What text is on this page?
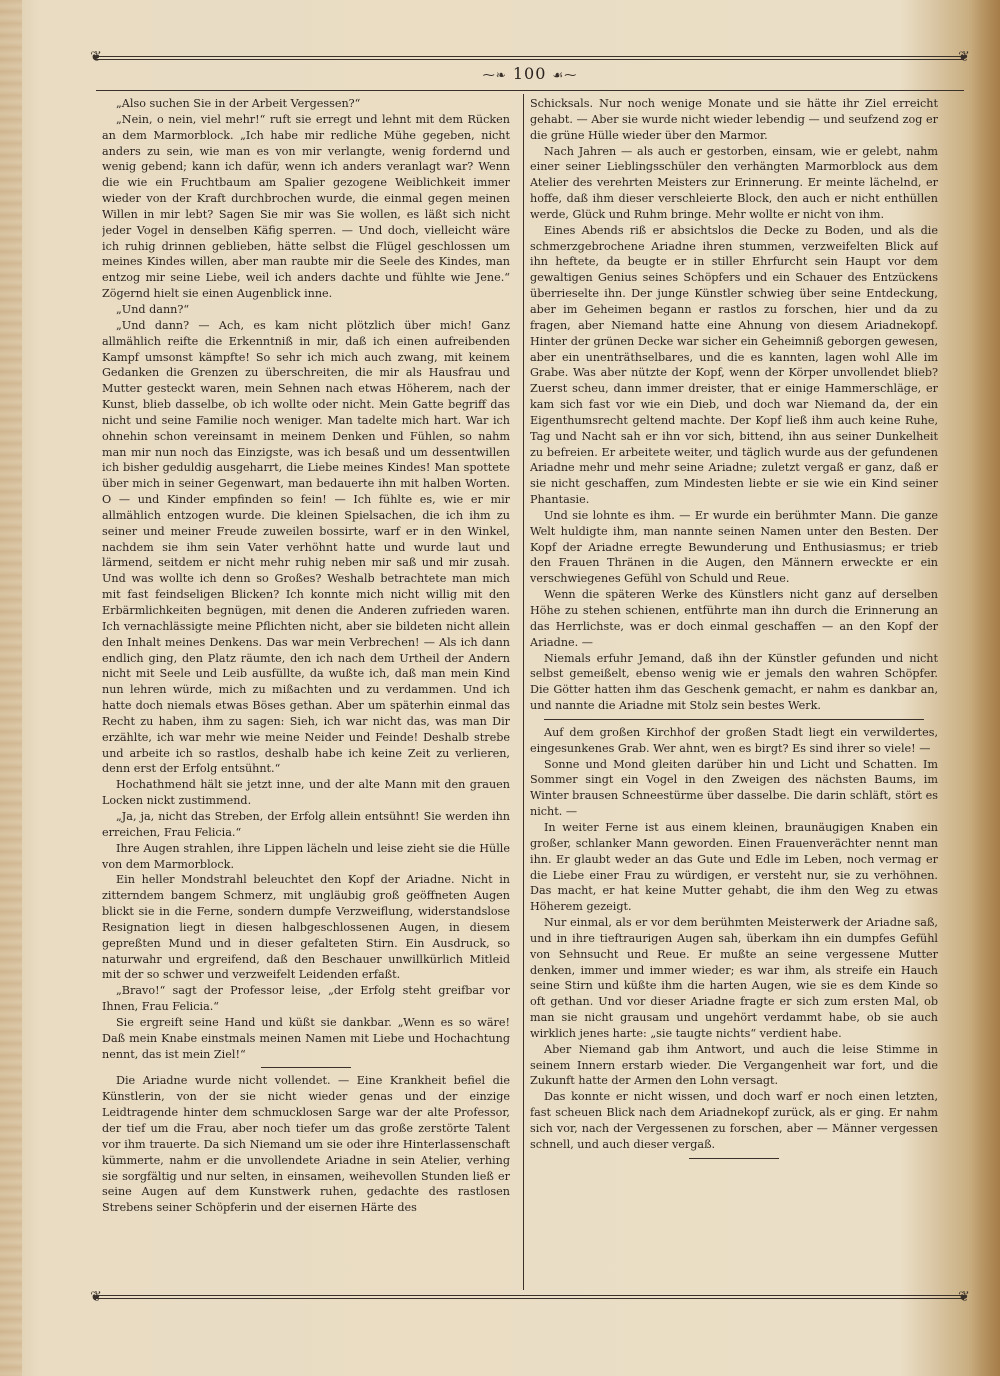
❦	❦
⁓❧ 100 ☙⁓

„Also suchen Sie in der Arbeit Vergessen?“

„Nein, o nein, viel mehr!“ ruft sie erregt und lehnt mit dem Rücken an dem Marmorblock. „Ich habe mir redliche Mühe gegeben, nicht anders zu sein, wie man es von mir verlangte, wenig fordernd und wenig gebend; kann ich dafür, wenn ich anders veranlagt war? Wenn die wie ein Fruchtbaum am Spalier gezogene Weiblichkeit immer wieder von der Kraft durchbrochen wurde, die einmal gegen meinen Willen in mir lebt? Sagen Sie mir was Sie wollen, es läßt sich nicht jeder Vogel in denselben Käfig sperren. — Und doch, vielleicht wäre ich ruhig drinnen geblieben, hätte selbst die Flügel geschlossen um meines Kindes willen, aber man raubte mir die Seele des Kindes, man entzog mir seine Liebe, weil ich anders dachte und fühlte wie Jene.“ Zögernd hielt sie einen Augenblick inne.

„Und dann?“

„Und dann? — Ach, es kam nicht plötzlich über mich! Ganz allmählich reifte die Erkenntniß in mir, daß ich einen aufreibenden Kampf umsonst kämpfte! So sehr ich mich auch zwang, mit keinem Gedanken die Grenzen zu überschreiten, die mir als Hausfrau und Mutter gesteckt waren, mein Sehnen nach etwas Höherem, nach der Kunst, blieb dasselbe, ob ich wollte oder nicht. Mein Gatte begriff das nicht und seine Familie noch weniger. Man tadelte mich hart. War ich ohnehin schon vereinsamt in meinem Denken und Fühlen, so nahm man mir nun noch das Einzigste, was ich besaß und um dessentwillen ich bisher geduldig ausgeharrt, die Liebe meines Kindes! Man spottete über mich in seiner Gegenwart, man bedauerte ihn mit halben Worten. O — und Kinder empfinden so fein! — Ich fühlte es, wie er mir allmählich entzogen wurde. Die kleinen Spielsachen, die ich ihm zu seiner und meiner Freude zuweilen bossirte, warf er in den Winkel, nachdem sie ihm sein Vater verhöhnt hatte und wurde laut und lärmend, seitdem er nicht mehr ruhig neben mir saß und mir zusah. Und was wollte ich denn so Großes? Weshalb betrachtete man mich mit fast feindseligen Blicken? Ich konnte mich nicht willig mit den Erbärmlichkeiten begnügen, mit denen die Anderen zufrieden waren. Ich vernachlässigte meine Pflichten nicht, aber sie bildeten nicht allein den Inhalt meines Denkens. Das war mein Verbrechen! — Als ich dann endlich ging, den Platz räumte, den ich nach dem Urtheil der Andern nicht mit Seele und Leib ausfüllte, da wußte ich, daß man mein Kind nun lehren würde, mich zu mißachten und zu verdammen. Und ich hatte doch niemals etwas Böses gethan. Aber um späterhin einmal das Recht zu haben, ihm zu sagen: Sieh, ich war nicht das, was man Dir erzählte, ich war mehr wie meine Neider und Feinde! Deshalb strebe und arbeite ich so rastlos, deshalb habe ich keine Zeit zu verlieren, denn erst der Erfolg entsühnt.“

Hochathmend hält sie jetzt inne, und der alte Mann mit den grauen Locken nickt zustimmend.

„Ja, ja, nicht das Streben, der Erfolg allein entsühnt! Sie werden ihn erreichen, Frau Felicia.“

Ihre Augen strahlen, ihre Lippen lächeln und leise zieht sie die Hülle von dem Marmorblock.

Ein heller Mondstrahl beleuchtet den Kopf der Ariadne. Nicht in zitterndem bangem Schmerz, mit ungläubig groß geöffneten Augen blickt sie in die Ferne, sondern dumpfe Verzweiflung, widerstandslose Resignation liegt in diesen halbgeschlossenen Augen, in diesem gepreßten Mund und in dieser gefalteten Stirn. Ein Ausdruck, so naturwahr und ergreifend, daß den Beschauer unwillkürlich Mitleid mit der so schwer und verzweifelt Leidenden erfaßt.

„Bravo!“ sagt der Professor leise, „der Erfolg steht greifbar vor Ihnen, Frau Felicia.“

Sie ergreift seine Hand und küßt sie dankbar. „Wenn es so wäre! Daß mein Knabe einstmals meinen Namen mit Liebe und Hochachtung nennt, das ist mein Ziel!“

Die Ariadne wurde nicht vollendet. — Eine Krankheit befiel die Künstlerin, von der sie nicht wieder genas und der einzige Leidtragende hinter dem schmucklosen Sarge war der alte Professor, der tief um die Frau, aber noch tiefer um das große zerstörte Talent vor ihm trauerte. Da sich Niemand um sie oder ihre Hinterlassenschaft kümmerte, nahm er die unvollendete Ariadne in sein Atelier, verhing sie sorgfältig und nur selten, in einsamen, weihevollen Stunden ließ er seine Augen auf dem Kunstwerk ruhen, gedachte des rastlosen Strebens seiner Schöpferin und der eisernen Härte des

Schicksals. Nur noch wenige Monate und sie hätte ihr Ziel erreicht gehabt. — Aber sie wurde nicht wieder lebendig — und seufzend zog er die grüne Hülle wieder über den Marmor.

Nach Jahren — als auch er gestorben, einsam, wie er gelebt, nahm einer seiner Lieblingsschüler den verhängten Marmorblock aus dem Atelier des verehrten Meisters zur Erinnerung. Er meinte lächelnd, er hoffe, daß ihm dieser verschleierte Block, den auch er nicht enthüllen werde, Glück und Ruhm bringe. Mehr wollte er nicht von ihm.

Eines Abends riß er absichtslos die Decke zu Boden, und als die schmerzgebrochene Ariadne ihren stummen, verzweifelten Blick auf ihn heftete, da beugte er in stiller Ehrfurcht sein Haupt vor dem gewaltigen Genius seines Schöpfers und ein Schauer des Entzückens überrieselte ihn. Der junge Künstler schwieg über seine Entdeckung, aber im Geheimen begann er rastlos zu forschen, hier und da zu fragen, aber Niemand hatte eine Ahnung von diesem Ariadnekopf. Hinter der grünen Decke war sicher ein Geheimniß geborgen gewesen, aber ein unenträthselbares, und die es kannten, lagen wohl Alle im Grabe. Was aber nützte der Kopf, wenn der Körper unvollendet blieb? Zuerst scheu, dann immer dreister, that er einige Hammerschläge, er kam sich fast vor wie ein Dieb, und doch war Niemand da, der ein Eigenthumsrecht geltend machte. Der Kopf ließ ihm auch keine Ruhe, Tag und Nacht sah er ihn vor sich, bittend, ihn aus seiner Dunkelheit zu befreien. Er arbeitete weiter, und täglich wurde aus der gefundenen Ariadne mehr und mehr seine Ariadne; zuletzt vergaß er ganz, daß er sie nicht geschaffen, zum Mindesten liebte er sie wie ein Kind seiner Phantasie.

Und sie lohnte es ihm. — Er wurde ein berühmter Mann. Die ganze Welt huldigte ihm, man nannte seinen Namen unter den Besten. Der Kopf der Ariadne erregte Bewunderung und Enthusiasmus; er trieb den Frauen Thränen in die Augen, den Männern erweckte er ein verschwiegenes Gefühl von Schuld und Reue.

Wenn die späteren Werke des Künstlers nicht ganz auf derselben Höhe zu stehen schienen, entführte man ihn durch die Erinnerung an das Herrlichste, was er doch einmal geschaffen — an den Kopf der Ariadne. —

Niemals erfuhr Jemand, daß ihn der Künstler gefunden und nicht selbst gemeißelt, ebenso wenig wie er jemals den wahren Schöpfer. Die Götter hatten ihm das Geschenk gemacht, er nahm es dankbar an, und nannte die Ariadne mit Stolz sein bestes Werk.

Auf dem großen Kirchhof der großen Stadt liegt ein verwildertes, eingesunkenes Grab. Wer ahnt, wen es birgt? Es sind ihrer so viele! —

Sonne und Mond gleiten darüber hin und Licht und Schatten. Im Sommer singt ein Vogel in den Zweigen des nächsten Baums, im Winter brausen Schneestürme über dasselbe. Die darin schläft, stört es nicht. —

In weiter Ferne ist aus einem kleinen, braunäugigen Knaben ein großer, schlanker Mann geworden. Einen Frauenverächter nennt man ihn. Er glaubt weder an das Gute und Edle im Leben, noch vermag er die Liebe einer Frau zu würdigen, er versteht nur, sie zu verhöhnen. Das macht, er hat keine Mutter gehabt, die ihm den Weg zu etwas Höherem gezeigt.

Nur einmal, als er vor dem berühmten Meisterwerk der Ariadne saß, und in ihre tieftraurigen Augen sah, überkam ihn ein dumpfes Gefühl von Sehnsucht und Reue. Er mußte an seine vergessene Mutter denken, immer und immer wieder; es war ihm, als streife ein Hauch seine Stirn und küßte ihm die harten Augen, wie sie es dem Kinde so oft gethan. Und vor dieser Ariadne fragte er sich zum ersten Mal, ob man sie nicht grausam und ungehört verdammt habe, ob sie auch wirklich jenes harte: „sie taugte nichts“ verdient habe.

Aber Niemand gab ihm Antwort, und auch die leise Stimme in seinem Innern erstarb wieder. Die Vergangenheit war fort, und die Zukunft hatte der Armen den Lohn versagt.

Das konnte er nicht wissen, und doch warf er noch einen letzten, fast scheuen Blick nach dem Ariadnekopf zurück, als er ging. Er nahm sich vor, nach der Vergessenen zu forschen, aber — Männer vergessen schnell, und auch dieser vergaß.

❦	❦
